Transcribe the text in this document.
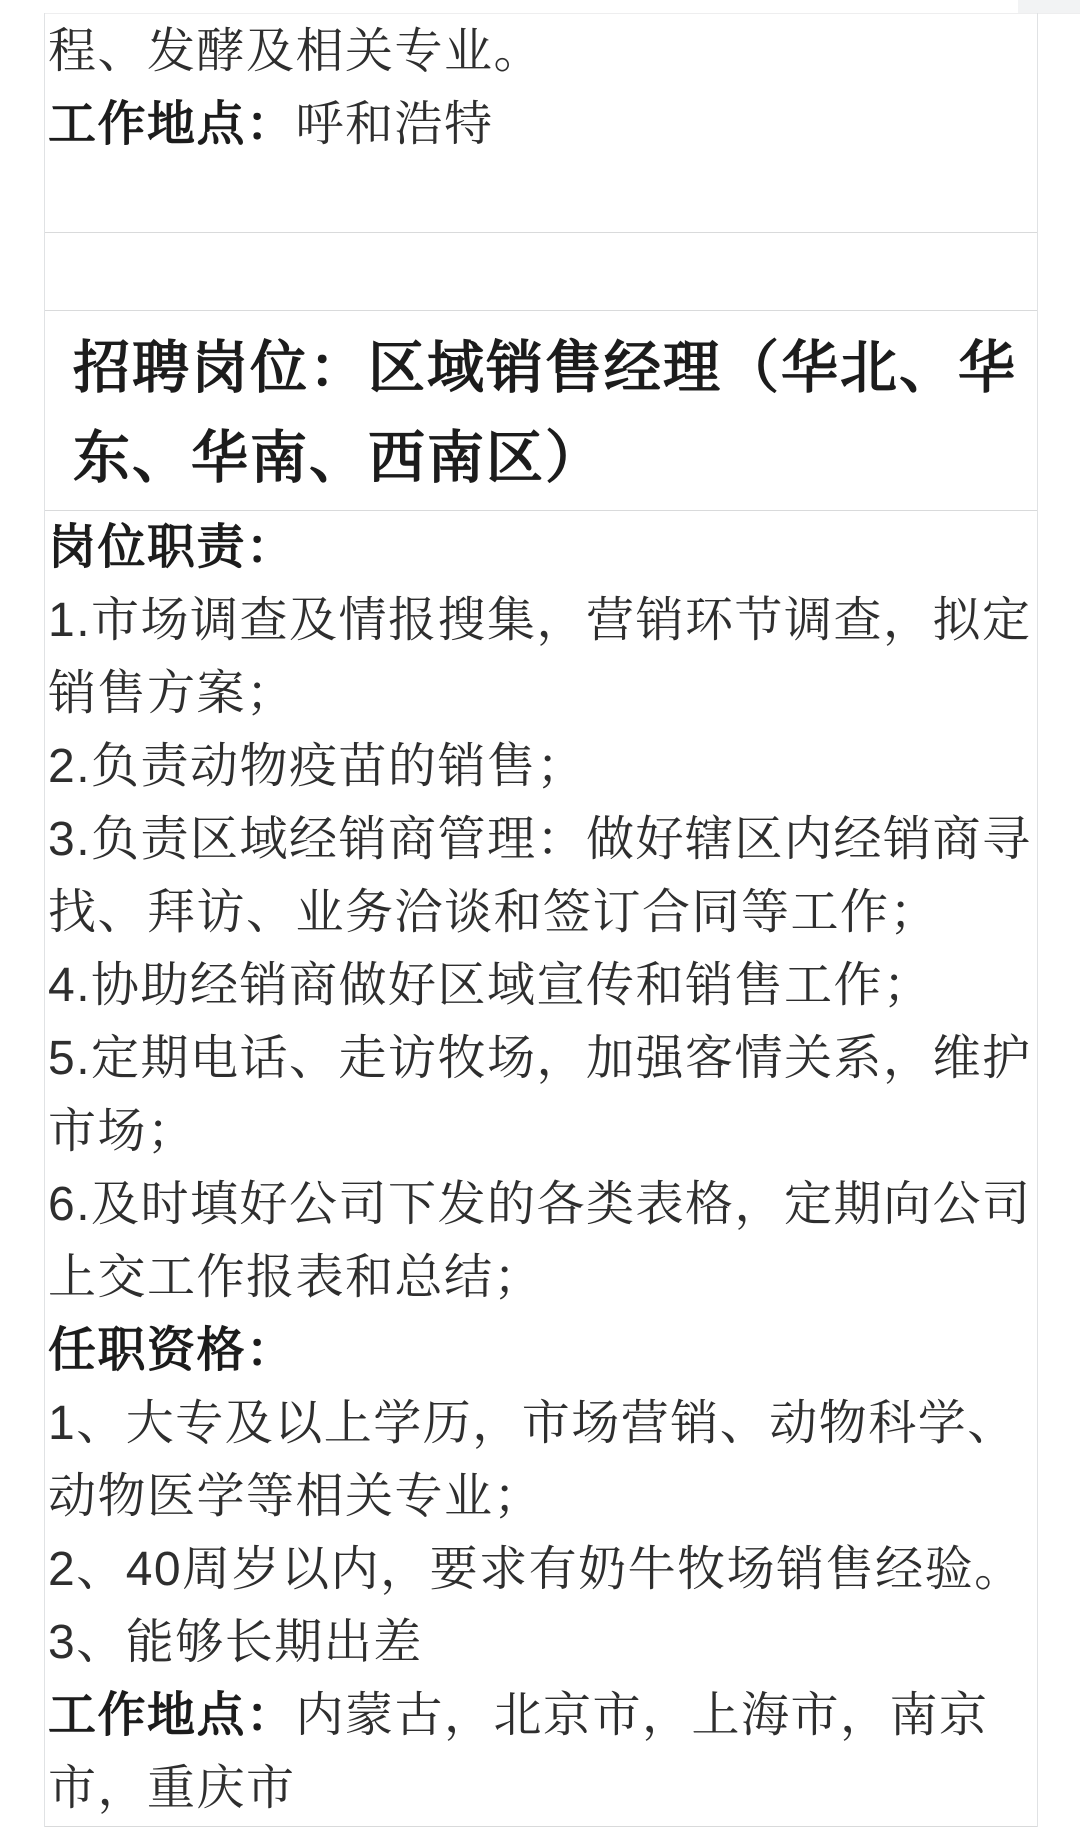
程、发酵及相关专业。
工作地点：呼和浩特
招聘岗位：区域销售经理（华北、华
东、华南、西南区）
岗位职责：
1.市场调查及情报搜集，营销环节调查，拟定
销售方案；
2.负责动物疫苗的销售；
3.负责区域经销商管理：做好辖区内经销商寻
找、拜访、业务洽谈和签订合同等工作；
4.协助经销商做好区域宣传和销售工作；
5.定期电话、走访牧场，加强客情关系，维护
市场；
6.及时填好公司下发的各类表格，定期向公司
上交工作报表和总结；
任职资格：
1、大专及以上学历，市场营销、动物科学、
动物医学等相关专业；
2、40周岁以内，要求有奶牛牧场销售经验。
3、能够长期出差
工作地点：内蒙古，北京市，上海市，南京
市，重庆市
